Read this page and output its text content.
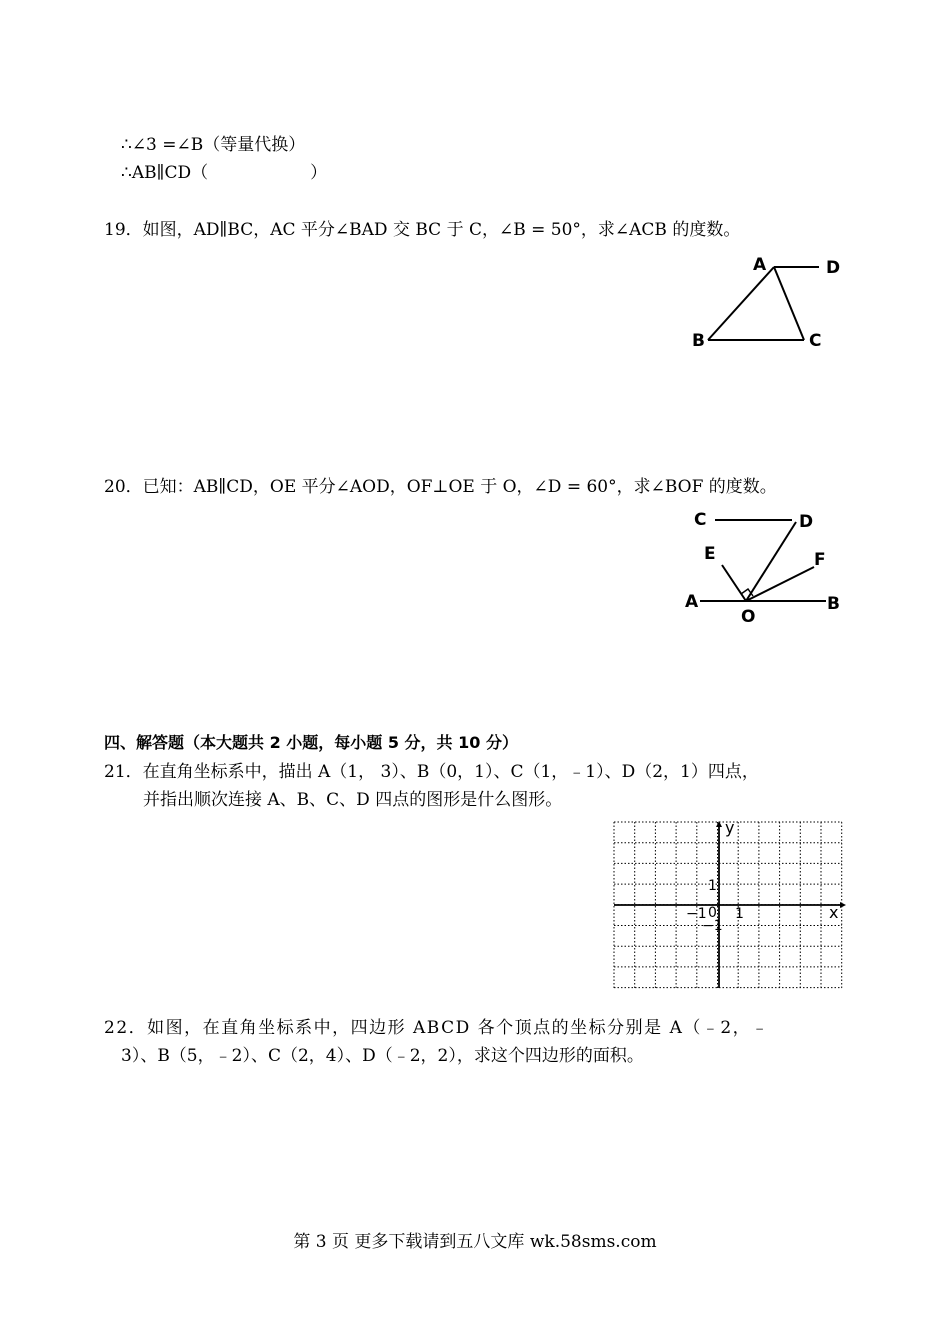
∴∠3 =∠B（等量代换）
∴AB∥CD（　　　　　　）
19．如图，AD∥BC，AC 平分∠BAD 交 BC 于 C，∠B = 50°，求∠ACB 的度数。
A	D
B	C
20．已知：AB∥CD，OE 平分∠AOD，OF⊥OE 于 O，∠D = 60°，求∠BOF 的度数。
C	D
E	F
A
O
B
四、解答题（本大题共 2 小题，每小题 5 分，共 10 分）
21．在直角坐标系中，描出 A（1， 3）、B（0，1）、C（1，﹣1）、D（2，1）四点，
并指出顺次连接 A、B、C、D 四点的图形是什么图形。
x
y
1
−1 0 1
−1
22．如图，在直角坐标系中，四边形 ABCD 各个顶点的坐标分别是 A（﹣2，﹣
3）、B（5，﹣2）、C（2，4）、D（﹣2，2），求这个四边形的面积。
第 3 页 更多下载请到五八文库 wk.58sms.com
